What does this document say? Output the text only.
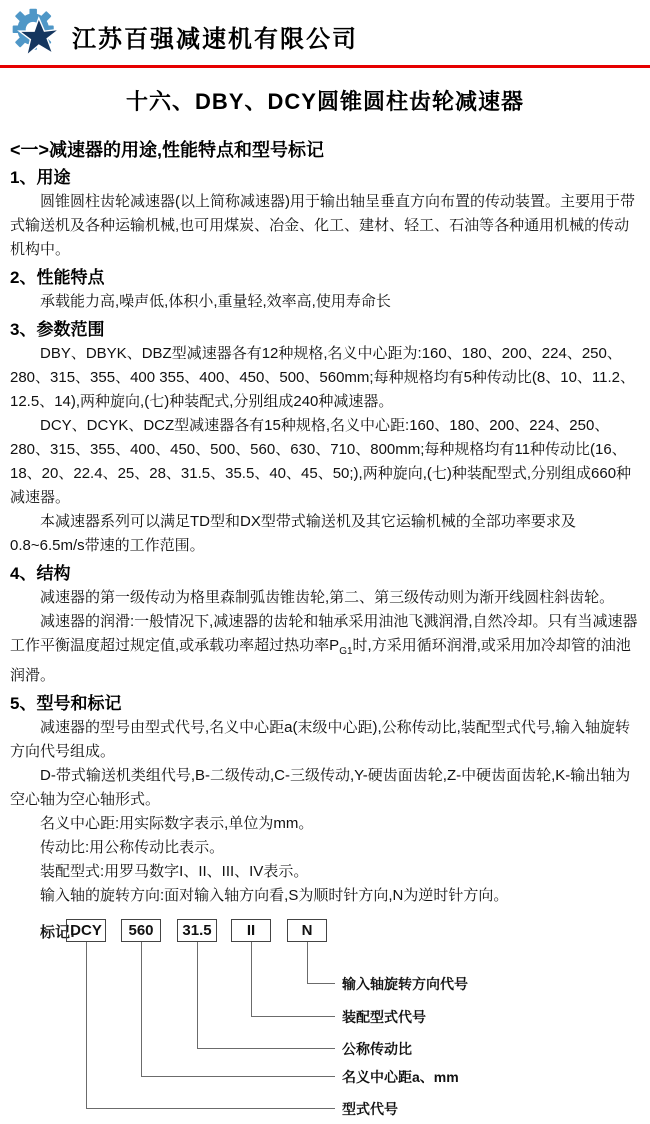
江苏百强减速机有限公司
十六、DBY、DCY圆锥圆柱齿轮减速器
<一>减速器的用途,性能特点和型号标记
1、用途

圆锥圆柱齿轮减速器(以上简称减速器)用于输出轴呈垂直方向布置的传动装置。主要用于带式输送机及各种运输机械,也可用煤炭、冶金、化工、建材、轻工、石油等各种通用机械的传动机构中。

2、性能特点

承载能力高,噪声低,体积小,重量轻,效率高,使用寿命长

3、参数范围

DBY、DBYK、DBZ型减速器各有12种规格,名义中心距为:160、180、200、224、250、280、315、355、400 355、400、450、500、560mm;每种规格均有5种传动比(8、10、11.2、12.5、14),两种旋向,(七)种装配式,分别组成240种减速器。

DCY、DCYK、DCZ型减速器各有15种规格,名义中心距:160、180、200、224、250、280、315、355、400、450、500、560、630、710、800mm;每种规格均有11种传动比(16、18、20、22.4、25、28、31.5、35.5、40、45、50;),两种旋向,(七)种装配型式,分别组成660种减速器。

本减速器系列可以满足TD型和DX型带式输送机及其它运输机械的全部功率要求及0.8~6.5m/s带速的工作范围。

4、结构

减速器的第一级传动为格里森制弧齿锥齿轮,第二、第三级传动则为渐开线圆柱斜齿轮。

减速器的润滑:一般情况下,减速器的齿轮和轴承采用油池飞溅润滑,自然冷却。只有当减速器工作平衡温度超过规定值,或承载功率超过热功率$P_{G1}$时,方采用循环润滑,或采用加冷却管的油池润滑。

5、型号和标记

减速器的型号由型式代号,名义中心距a(末级中心距),公称传动比,装配型式代号,输入轴旋转方向代号组成。

D-带式输送机类组代号,B-二级传动,C-三级传动,Y-硬齿面齿轮,Z-中硬齿面齿轮,K-输出轴为空心轴为空心轴形式。

名义中心距:用实际数字表示,单位为mm。

传动比:用公称传动比表示。

装配型式:用罗马数字I、II、III、IV表示。

输入轴的旋转方向:面对输入轴方向看,S为顺时针方向,N为逆时针方向。

标记:
DCY	560	31.5	II	N
型式代号
名义中心距a、mm
公称传动比
装配型式代号
输入轴旋转方向代号
